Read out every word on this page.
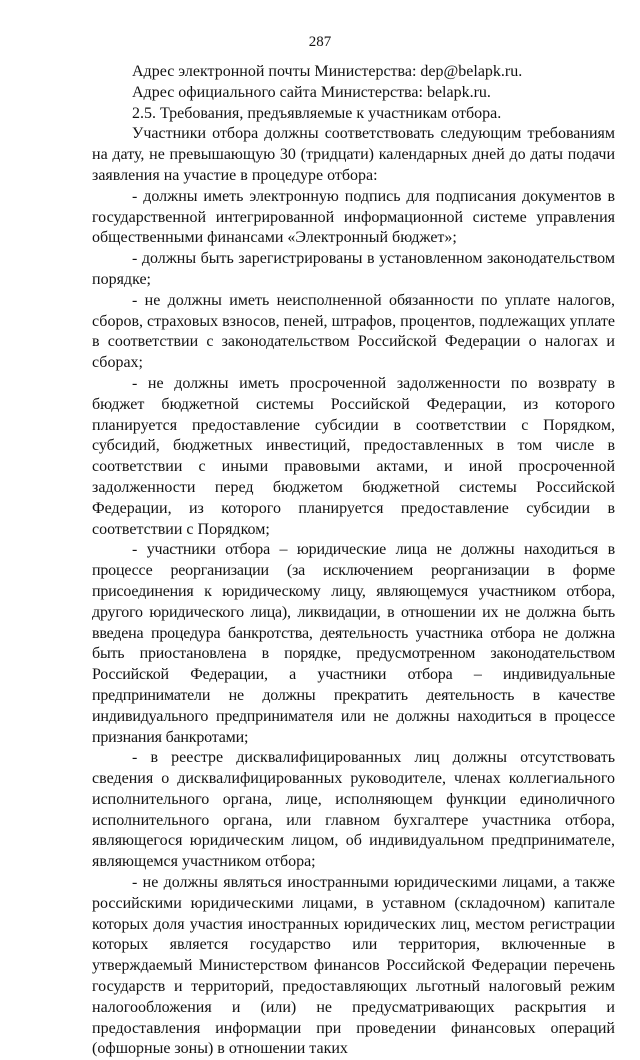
287

Адрес электронной почты Министерства: dep@belapk.ru.

Адрес официального сайта Министерства: belapk.ru.

2.5. Требования, предъявляемые к участникам отбора.

Участники отбора должны соответствовать следующим требованиям на дату, не превышающую 30 (тридцати) календарных дней до даты подачи заявления на участие в процедуре отбора:

- должны иметь электронную подпись для подписания документов в государственной интегрированной информационной системе управления общественными финансами «Электронный бюджет»;

- должны быть зарегистрированы в установленном законодательством порядке;

- не должны иметь неисполненной обязанности по уплате налогов, сборов, страховых взносов, пеней, штрафов, процентов, подлежащих уплате в соответствии с законодательством Российской Федерации о налогах и сборах;

- не должны иметь просроченной задолженности по возврату в бюджет бюджетной системы Российской Федерации, из которого планируется предоставление субсидии в соответствии с Порядком, субсидий, бюджетных инвестиций, предоставленных в том числе в соответствии с иными правовыми актами, и иной просроченной задолженности перед бюджетом бюджетной системы Российской Федерации, из которого планируется предоставление субсидии в соответствии с Порядком;

- участники отбора – юридические лица не должны находиться в процессе реорганизации (за исключением реорганизации в форме присоединения к юридическому лицу, являющемуся участником отбора, другого юридического лица), ликвидации, в отношении их не должна быть введена процедура банкротства, деятельность участника отбора не должна быть приостановлена в порядке, предусмотренном законодательством Российской Федерации, а участники отбора – индивидуальные предприниматели не должны прекратить деятельность в качестве индивидуального предпринимателя или не должны находиться в процессе признания банкротами;

- в реестре дисквалифицированных лиц должны отсутствовать сведения о дисквалифицированных руководителе, членах коллегиального исполнительного органа, лице, исполняющем функции единоличного исполнительного органа, или главном бухгалтере участника отбора, являющегося юридическим лицом, об индивидуальном предпринимателе, являющемся участником отбора;

- не должны являться иностранными юридическими лицами, а также российскими юридическими лицами, в уставном (складочном) капитале которых доля участия иностранных юридических лиц, местом регистрации которых является государство или территория, включенные в утверждаемый Министерством финансов Российской Федерации перечень государств и территорий, предоставляющих льготный налоговый режим налогообложения и (или) не предусматривающих раскрытия и предоставления информации при проведении финансовых операций (офшорные зоны) в отношении таких
